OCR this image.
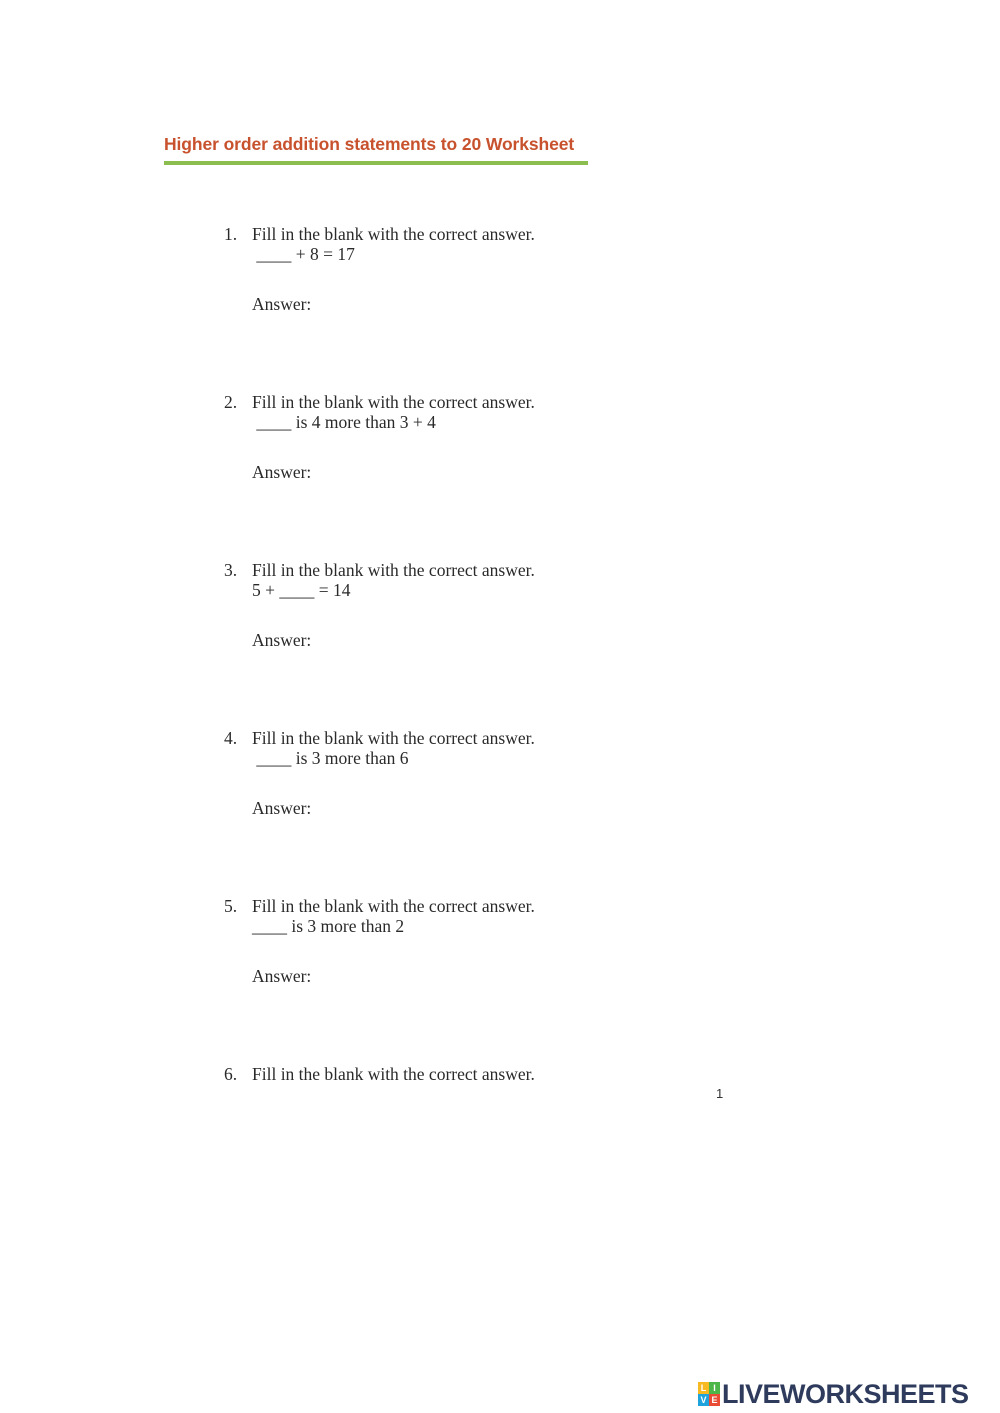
Higher order addition statements to 20 Worksheet
1. Fill in the blank with the correct answer.
____ + 8 = 17
Answer:
2. Fill in the blank with the correct answer.
____ is 4 more than 3 + 4
Answer:
3. Fill in the blank with the correct answer.
5 + ____ = 14
Answer:
4. Fill in the blank with the correct answer.
____ is 3 more than 6
Answer:
5. Fill in the blank with the correct answer.
____ is 3 more than 2
Answer:
6. Fill in the blank with the correct answer.
1
L I
V E LIVEWORKSHEETS
